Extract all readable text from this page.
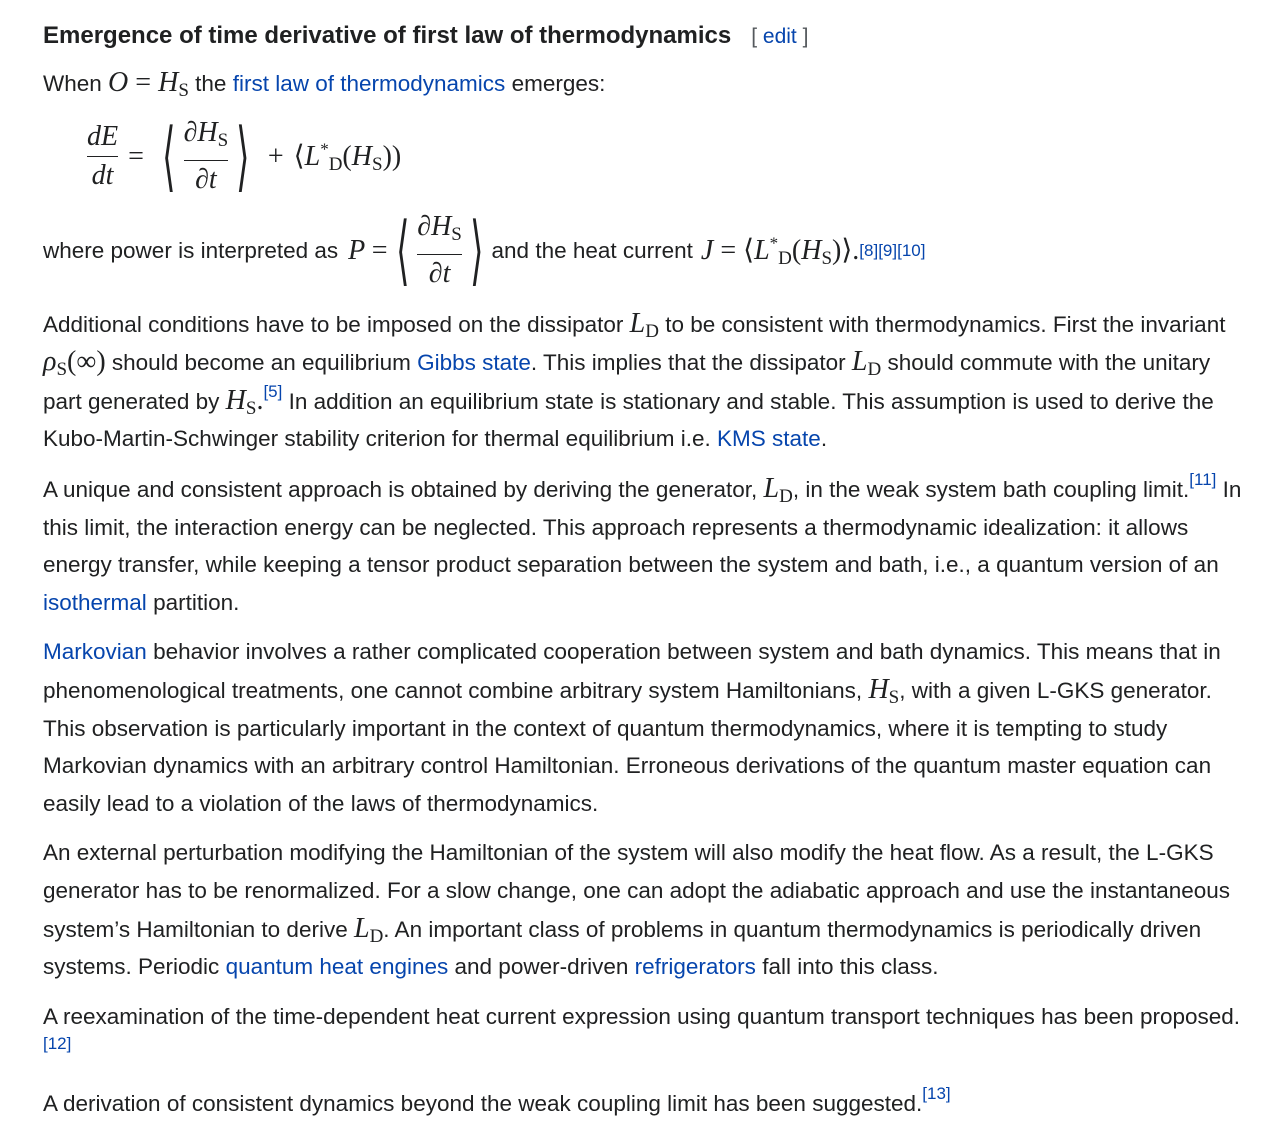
Emergence of time derivative of first law of thermodynamics [ edit ]

When $O = H_S$ the first law of thermodynamics emerges:

$\frac{dE}{dt}$ = ⟨ $\frac{\partial H_S}{\partial t}$ ⟩ + $⟨L^*_D(H_S)$)
where power is interpreted as P = ⟨ $\frac{\partial H_S}{\partial t}$ ⟩ and the heat current $J = ⟨L^*_D(H_S)⟩$. [8] [9] [10]

Additional conditions have to be imposed on the dissipator $L_D$ to be consistent with thermodynamics. First the invariant $\rho_S(\infty)$ should become an equilibrium Gibbs state. This implies that the dissipator $L_D$ should commute with the unitary part generated by $H_S.[5]$ In addition an equilibrium state is stationary and stable. This assumption is used to derive the Kubo-Martin-Schwinger stability criterion for thermal equilibrium i.e. KMS state.

A unique and consistent approach is obtained by deriving the generator, $L_D$, in the weak system bath coupling limit.[11] In this limit, the interaction energy can be neglected. This approach represents a thermodynamic idealization: it allows energy transfer, while keeping a tensor product separation between the system and bath, i.e., a quantum version of an isothermal partition.

Markovian behavior involves a rather complicated cooperation between system and bath dynamics. This means that in phenomenological treatments, one cannot combine arbitrary system Hamiltonians, $H_S$, with a given L-GKS generator. This observation is particularly important in the context of quantum thermodynamics, where it is tempting to study Markovian dynamics with an arbitrary control Hamiltonian. Erroneous derivations of the quantum master equation can easily lead to a violation of the laws of thermodynamics.

An external perturbation modifying the Hamiltonian of the system will also modify the heat flow. As a result, the L-GKS generator has to be renormalized. For a slow change, one can adopt the adiabatic approach and use the instantaneous system’s Hamiltonian to derive $L_D$. An important class of problems in quantum thermodynamics is periodically driven systems. Periodic quantum heat engines and power-driven refrigerators fall into this class.

A reexamination of the time-dependent heat current expression using quantum transport techniques has been proposed.[12]

A derivation of consistent dynamics beyond the weak coupling limit has been suggested.[13]
